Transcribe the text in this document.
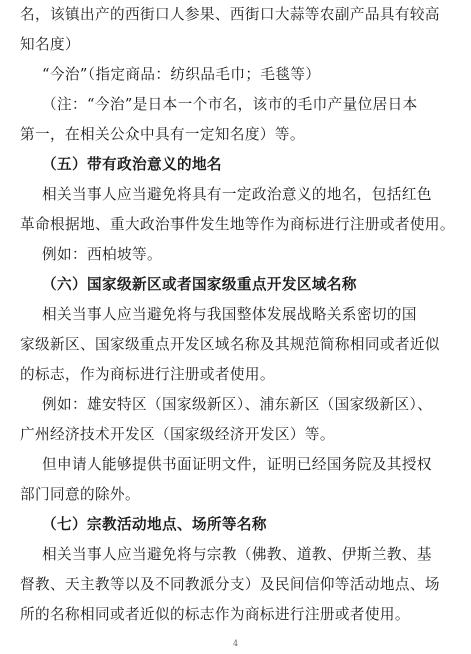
名，该镇出产的西街口人参果、西街口大蒜等农副产品具有较高
知名度）
“今治”（指定商品：纺织品毛巾；毛毯等）
（注：“今治”是日本一个市名，该市的毛巾产量位居日本
第一，在相关公众中具有一定知名度）等。
（五）带有政治意义的地名
相关当事人应当避免将具有一定政治意义的地名，包括红色
革命根据地、重大政治事件发生地等作为商标进行注册或者使用。
例如：西柏坡等。
（六）国家级新区或者国家级重点开发区域名称
相关当事人应当避免将与我国整体发展战略关系密切的国
家级新区、国家级重点开发区域名称及其规范简称相同或者近似
的标志，作为商标进行注册或者使用。
例如：雄安特区（国家级新区）、浦东新区（国家级新区）、
广州经济技术开发区（国家级经济开发区）等。
但申请人能够提供书面证明文件，证明已经国务院及其授权
部门同意的除外。
（七）宗教活动地点、场所等名称
相关当事人应当避免将与宗教（佛教、道教、伊斯兰教、基
督教、天主教等以及不同教派分支）及民间信仰等活动地点、场
所的名称相同或者近似的标志作为商标进行注册或者使用。
4
